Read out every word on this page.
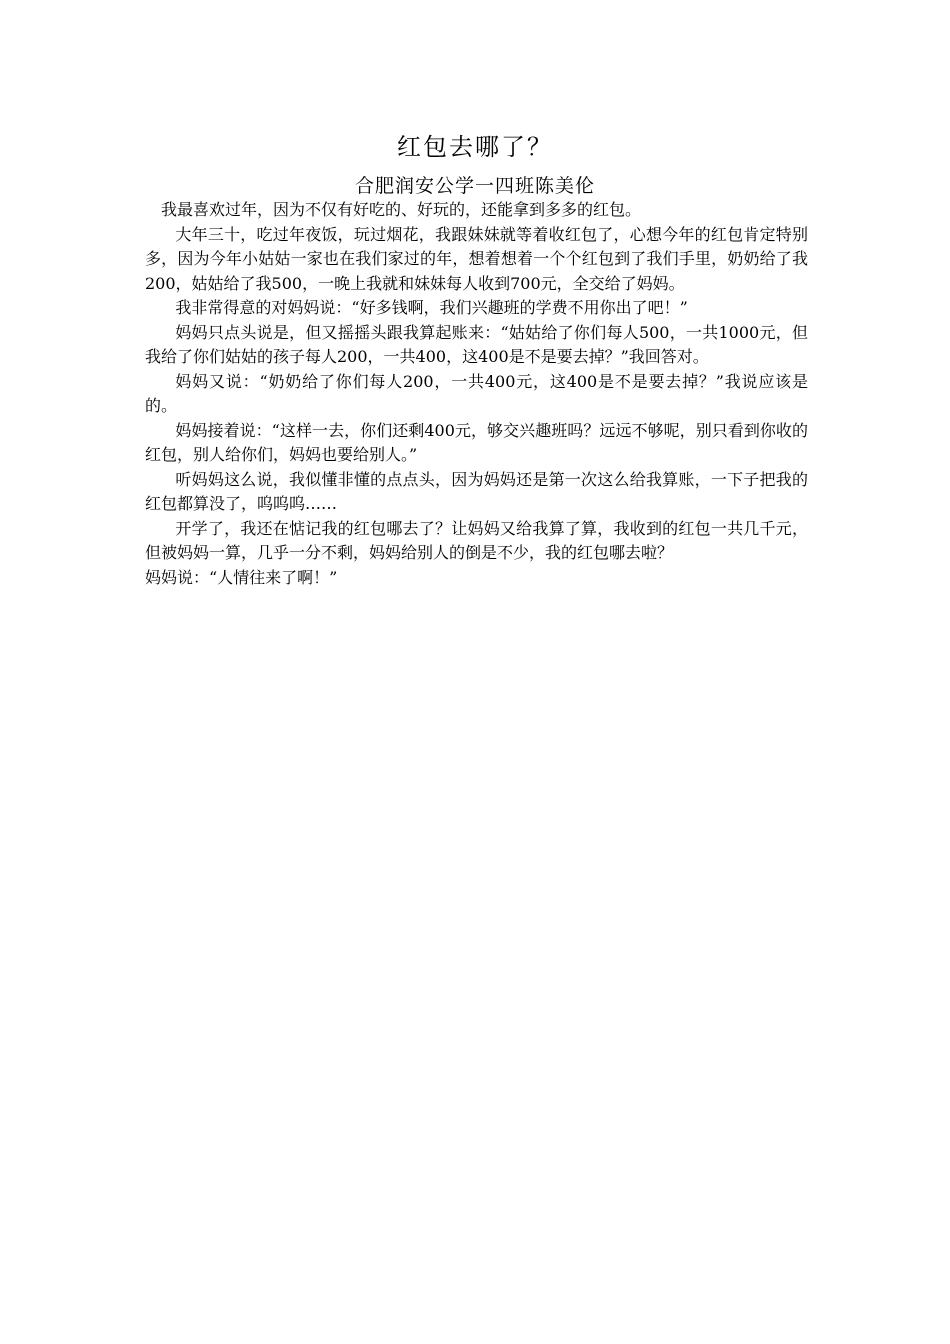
红包去哪了？
合肥润安公学一四班陈美伦

我最喜欢过年，因为不仅有好吃的、好玩的，还能拿到多多的红包。

大年三十，吃过年夜饭，玩过烟花，我跟妹妹就等着收红包了，心想今年的红包肯定特别多，因为今年小姑姑一家也在我们家过的年，想着想着一个个红包到了我们手里，奶奶给了我200，姑姑给了我500，一晚上我就和妹妹每人收到700元，全交给了妈妈。

我非常得意的对妈妈说：“好多钱啊，我们兴趣班的学费不用你出了吧！”

妈妈只点头说是，但又摇摇头跟我算起账来：“姑姑给了你们每人500，一共1000元，但我给了你们姑姑的孩子每人200，一共400，这400是不是要去掉？”我回答对。

妈妈又说：“奶奶给了你们每人200，一共400元，这400是不是要去掉？”我说应该是的。

妈妈接着说：“这样一去，你们还剩400元，够交兴趣班吗？远远不够呢，别只看到你收的红包，别人给你们，妈妈也要给别人。”

听妈妈这么说，我似懂非懂的点点头，因为妈妈还是第一次这么给我算账，一下子把我的红包都算没了，呜呜呜……

开学了，我还在惦记我的红包哪去了？让妈妈又给我算了算，我收到的红包一共几千元，但被妈妈一算，几乎一分不剩，妈妈给别人的倒是不少，我的红包哪去啦？

妈妈说：“人情往来了啊！”
